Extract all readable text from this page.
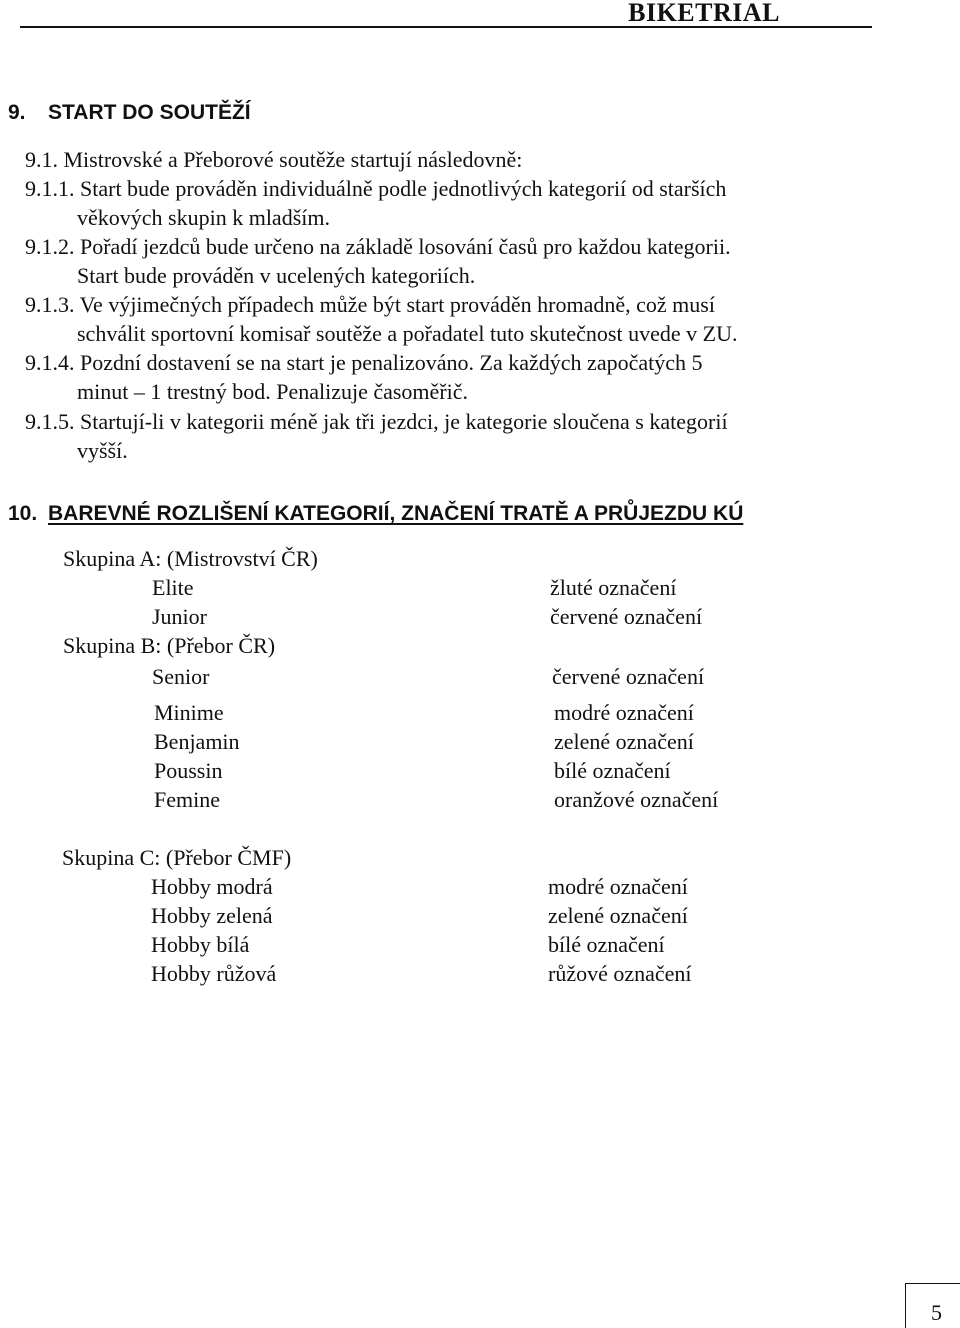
BIKETRIAL
9. START DO SOUTĚŽÍ
9.1. Mistrovské a Přeborové soutěže startují následovně:
9.1.1. Start bude prováděn individuálně podle jednotlivých kategorií od starších
věkových skupin k mladším.
9.1.2. Pořadí jezdců bude určeno na základě losování časů pro každou kategorii.
Start bude prováděn v ucelených kategoriích.
9.1.3. Ve výjimečných případech může být start prováděn hromadně, což musí
schválit sportovní komisař soutěže a pořadatel tuto skutečnost uvede v ZU.
9.1.4. Pozdní dostavení se na start je penalizováno. Za každých započatých 5
minut – 1 trestný bod. Penalizuje časoměřič.
9.1.5. Startují-li v kategorii méně jak tři jezdci, je kategorie sloučena s kategorií
vyšší.
10. BAREVNÉ ROZLIŠENÍ KATEGORIÍ, ZNAČENÍ TRATĚ A PRŮJEZDU KÚ
Skupina A: (Mistrovství ČR)
Elite	žluté označení
Junior	červené označení
Skupina B: (Přebor ČR)
Senior	červené označení
Minime	modré označení
Benjamin	zelené označení
Poussin	bílé označení
Femine	oranžové označení
Skupina C: (Přebor ČMF)
Hobby modrá	modré označení
Hobby zelená	zelené označení
Hobby bílá	bílé označení
Hobby růžová	růžové označení
5
